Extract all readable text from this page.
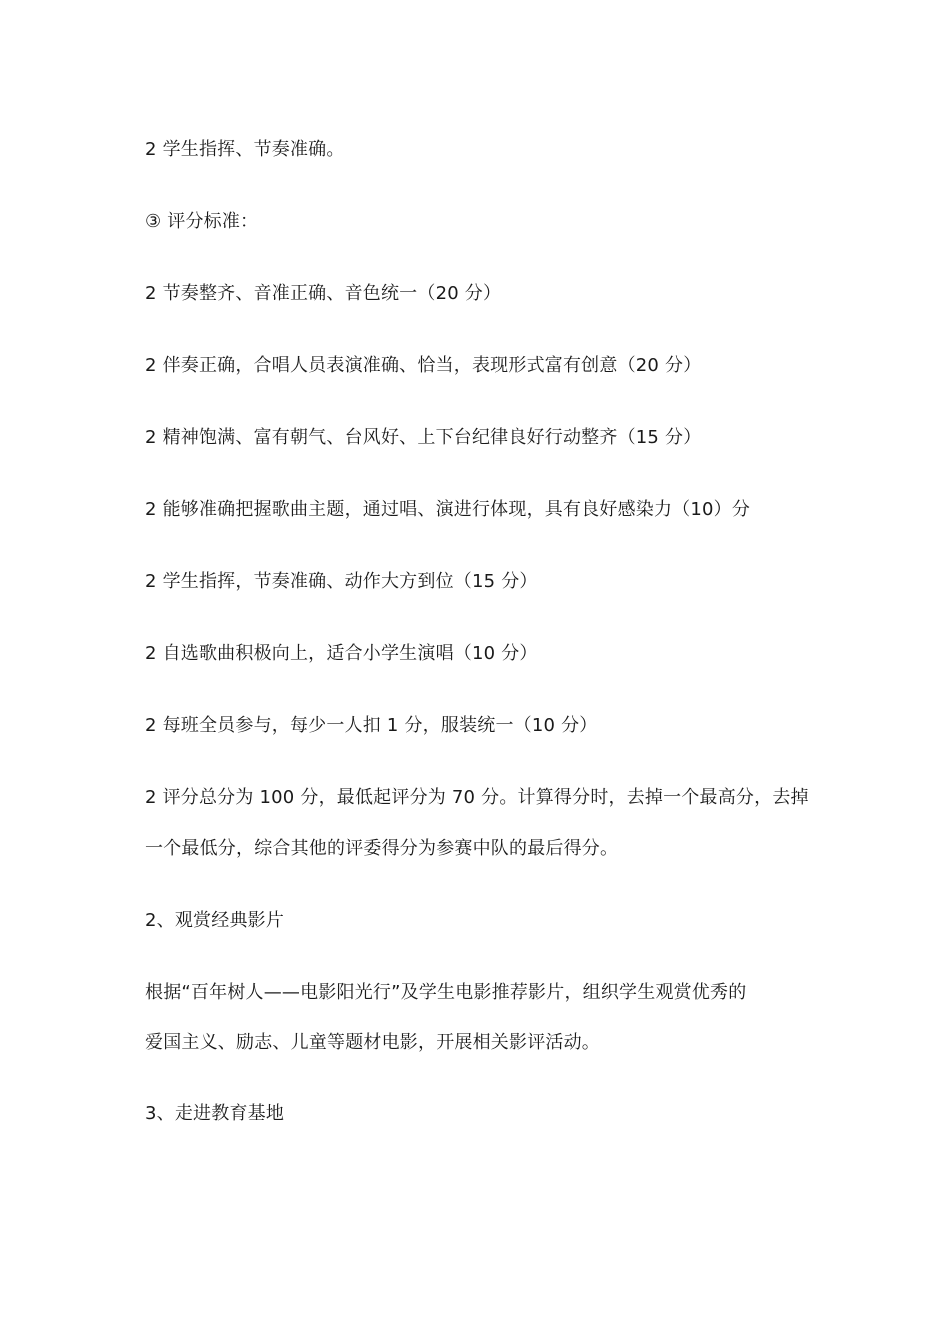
2 学生指挥、节奏准确。
③ 评分标准：
2 节奏整齐、音准正确、音色统一（20 分）
2 伴奏正确，合唱人员表演准确、恰当，表现形式富有创意（20 分）
2 精神饱满、富有朝气、台风好、上下台纪律良好行动整齐（15 分）
2 能够准确把握歌曲主题，通过唱、演进行体现，具有良好感染力（10）分
2 学生指挥，节奏准确、动作大方到位（15 分）
2 自选歌曲积极向上，适合小学生演唱（10 分）
2 每班全员参与，每少一人扣 1 分，服装统一（10 分）
2 评分总分为 100 分，最低起评分为 70 分。计算得分时，去掉一个最高分，去掉
一个最低分，综合其他的评委得分为参赛中队的最后得分。
2、观赏经典影片
根据“百年树人——电影阳光行”及学生电影推荐影片，组织学生观赏优秀的
爱国主义、励志、儿童等题材电影，开展相关影评活动。
3、走进教育基地
